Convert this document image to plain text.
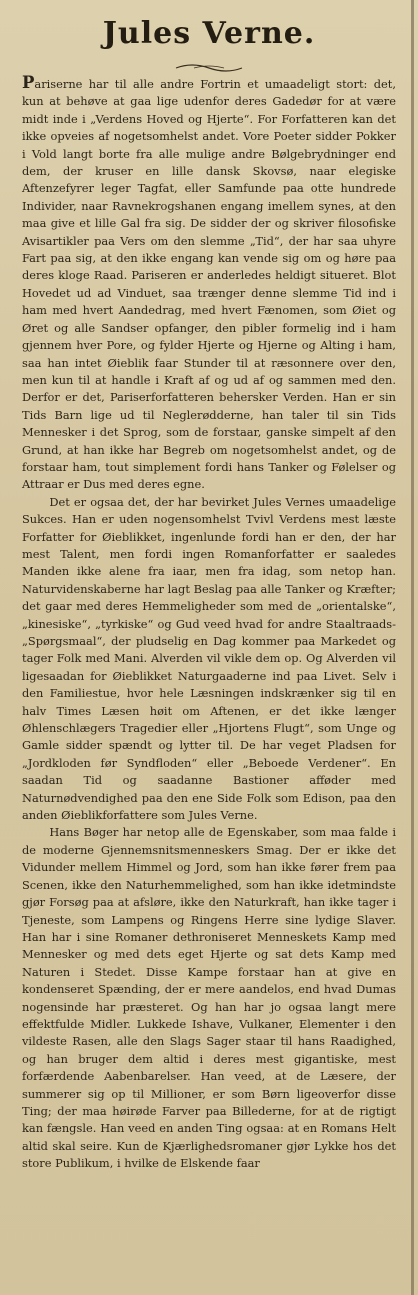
Jules Verne.

Pariserne har til alle andre Fortrin et umaadeligt stort: det, kun at behøve at gaa lige udenfor deres Gadedør for at være midt inde i „Verdens Hoved og Hjerte“. For Forfatteren kan det ikke opveies af nogetsomhelst andet. Vore Poeter sidder Pokker i Vold langt borte fra alle mulige andre Bølgebrydninger end dem, der kruser en lille dansk Skovsø, naar elegiske Aftenzefyrer leger Tagfat, eller Samfunde paa otte hundrede Individer, naar Ravnekrogshanen engang imellem synes, at den maa give et lille Gal fra sig. De sidder der og skriver filosofiske Avisartikler paa Vers om den slemme „Tid“, der har saa uhyre Fart paa sig, at den ikke engang kan vende sig om og høre paa deres kloge Raad. Pariseren er anderledes heldigt situeret. Blot Hovedet ud ad Vinduet, saa trænger denne slemme Tid ind i ham med hvert Aandedrag, med hvert Fænomen, som Øiet og Øret og alle Sandser opfanger, den pibler formelig ind i ham gjennem hver Pore, og fylder Hjerte og Hjerne og Alting i ham, saa han intet Øieblik faar Stunder til at ræsonnere over den, men kun til at handle i Kraft af og ud af og sammen med den. Derfor er det, Pariserforfatteren behersker Verden. Han er sin Tids Barn lige ud til Neglerødderne, han taler til sin Tids Mennesker i det Sprog, som de forstaar, ganske simpelt af den Grund, at han ikke har Begreb om nogetsomhelst andet, og de forstaar ham, tout simplement fordi hans Tanker og Følelser og Attraar er Dus med deres egne.

Det er ogsaa det, der har bevirket Jules Vernes umaadelige Sukces. Han er uden nogensomhelst Tvivl Verdens mest læste Forfatter for Øieblikket, ingenlunde fordi han er den, der har mest Talent, men fordi ingen Romanforfatter er saaledes Manden ikke alene fra iaar, men fra idag, som netop han. Naturvidenskaberne har lagt Beslag paa alle Tanker og Kræfter; det gaar med deres Hemmeligheder som med de „orientalske“, „kinesiske“, „tyrkiske“ og Gud veed hvad for andre Staaltraads-„Spørgsmaal“, der pludselig en Dag kommer paa Markedet og tager Folk med Mani. Alverden vil vikle dem op. Og Alverden vil ligesaadan for Øieblikket Naturgaaderne ind paa Livet. Selv i den Familiestue, hvor hele Læsningen indskrænker sig til en halv Times Læsen høit om Aftenen, er det ikke længer Øhlenschlægers Tragedier eller „Hjortens Flugt“, som Unge og Gamle sidder spændt og lytter til. De har veget Pladsen for „Jordkloden før Syndfloden“ eller „Beboede Verdener“. En saadan Tid og saadanne Bastioner afføder med Naturnødvendighed paa den ene Side Folk som Edison, paa den anden Øieblikforfattere som Jules Verne.

Hans Bøger har netop alle de Egenskaber, som maa falde i de moderne Gjennemsnitsmenneskers Smag. Der er ikke det Vidunder mellem Himmel og Jord, som han ikke fører frem paa Scenen, ikke den Naturhemmelighed, som han ikke idetmindste gjør Forsøg paa at afsløre, ikke den Naturkraft, han ikke tager i Tjeneste, som Lampens og Ringens Herre sine lydige Slaver. Han har i sine Romaner dethroniseret Menneskets Kamp med Mennesker og med dets eget Hjerte og sat dets Kamp med Naturen i Stedet. Disse Kampe forstaar han at give en kondenseret Spænding, der er mere aandelos, end hvad Dumas nogensinde har præsteret. Og han har jo ogsaa langt mere effektfulde Midler. Lukkede Ishave, Vulkaner, Elementer i den vildeste Rasen, alle den Slags Sager staar til hans Raadighed, og han bruger dem altid i deres mest gigantiske, mest forfærdende Aabenbarelser. Han veed, at de Læsere, der summerer sig op til Millioner, er som Børn ligeoverfor disse Ting; der maa høirøde Farver paa Billederne, for at de rigtigt kan fængsle. Han veed en anden Ting ogsaa: at en Romans Helt altid skal seire. Kun de Kjærlighedsromaner gjør Lykke hos det store Publikum, i hvilke de Elskende faar
